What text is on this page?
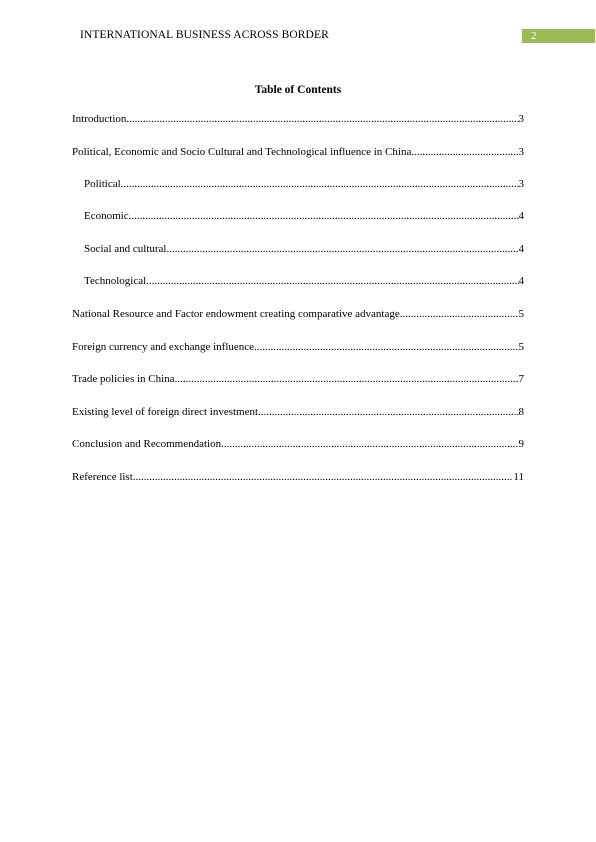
INTERNATIONAL BUSINESS ACROSS BORDER	2
Table of Contents
Introduction .....	3
Political, Economic and Socio Cultural and Technological influence in China .....	3
Political .....	3
Economic .....	4
Social and cultural .....	4
Technological .....	4
National Resource and Factor endowment creating comparative advantage .....	5
Foreign currency and exchange influence .....	5
Trade policies in China .....	7
Existing level of foreign direct investment .....	8
Conclusion and Recommendation .....	9
Reference list .....	11
